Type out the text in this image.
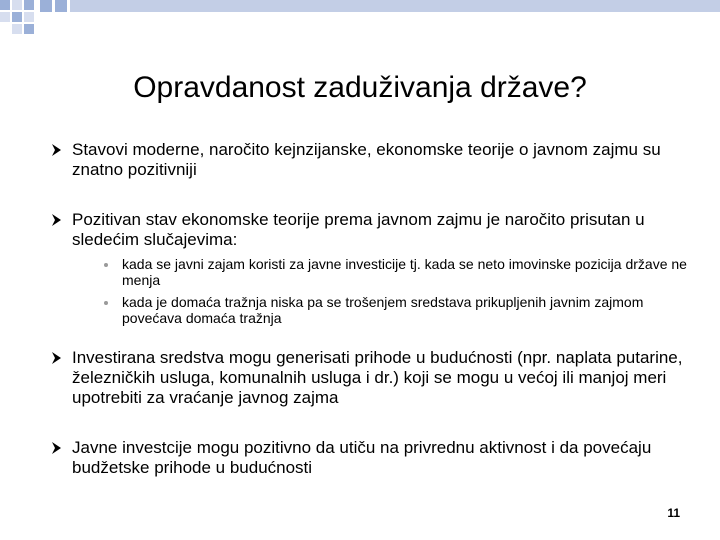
Opravdanost zaduživanja države?
Stavovi moderne, naročito kejnzijanske, ekonomske teorije o javnom zajmu su znatno pozitivniji
Pozitivan stav ekonomske teorije prema javnom zajmu je naročito prisutan u sledećim slučajevima:
kada se javni zajam koristi za javne investicije tj. kada se neto imovinske pozicija države ne menja
kada je domaća tražnja niska pa se trošenjem sredstava prikupljenih javnim zajmom povećava domaća tražnja
Investirana sredstva mogu generisati prihode u budućnosti (npr. naplata putarine, železničkih usluga, komunalnih usluga i dr.) koji se mogu u većoj ili manjoj meri upotrebiti za vraćanje javnog zajma
Javne investcije mogu pozitivno da utiču na privrednu aktivnost i da povećaju budžetske prihode u budućnosti
11
